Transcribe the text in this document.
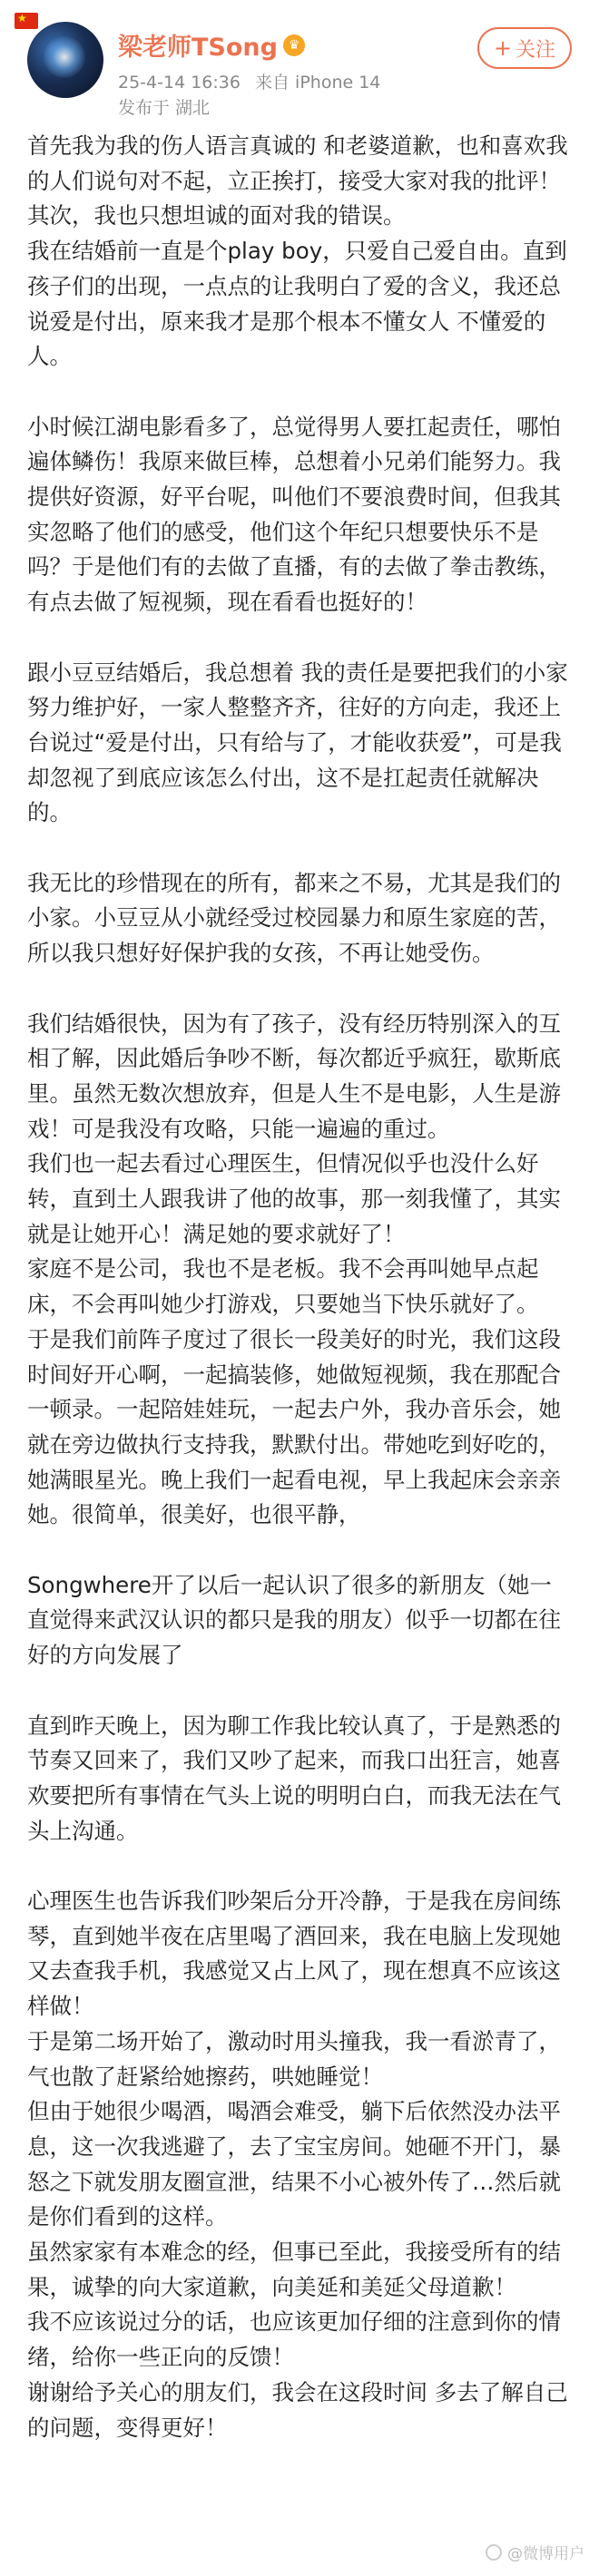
★
梁老师TSong ♛
25-4-14 16:36 来自 iPhone 14
发布于 湖北
+ 关注

首先我为我的伤人语言真诚的 和老婆道歉，也和喜欢我的人们说句对不起，立正挨打，接受大家对我的批评！

其次，我也只想坦诚的面对我的错误。

我在结婚前一直是个play boy，只爱自己爱自由。直到孩子们的出现，一点点的让我明白了爱的含义，我还总说爱是付出，原来我才是那个根本不懂女人 不懂爱的人。

小时候江湖电影看多了，总觉得男人要扛起责任，哪怕遍体鳞伤！我原来做巨棒，总想着小兄弟们能努力。我提供好资源，好平台呢，叫他们不要浪费时间，但我其实忽略了他们的感受，他们这个年纪只想要快乐不是吗？于是他们有的去做了直播，有的去做了拳击教练，有点去做了短视频，现在看看也挺好的！

跟小豆豆结婚后，我总想着 我的责任是要把我们的小家努力维护好，一家人整整齐齐，往好的方向走，我还上台说过“爱是付出，只有给与了，才能收获爱”，可是我却忽视了到底应该怎么付出，这不是扛起责任就解决的。

我无比的珍惜现在的所有，都来之不易，尤其是我们的小家。小豆豆从小就经受过校园暴力和原生家庭的苦，所以我只想好好保护我的女孩，不再让她受伤。

我们结婚很快，因为有了孩子，没有经历特别深入的互相了解，因此婚后争吵不断，每次都近乎疯狂，歇斯底里。虽然无数次想放弃，但是人生不是电影，人生是游戏！可是我没有攻略，只能一遍遍的重过。

我们也一起去看过心理医生，但情况似乎也没什么好转，直到土人跟我讲了他的故事，那一刻我懂了，其实就是让她开心！满足她的要求就好了！

家庭不是公司，我也不是老板。我不会再叫她早点起床，不会再叫她少打游戏，只要她当下快乐就好了。

于是我们前阵子度过了很长一段美好的时光，我们这段时间好开心啊，一起搞装修，她做短视频，我在那配合一顿录。一起陪娃娃玩，一起去户外，我办音乐会，她就在旁边做执行支持我，默默付出。带她吃到好吃的，她满眼星光。晚上我们一起看电视，早上我起床会亲亲她。很简单，很美好，也很平静，

Songwhere开了以后一起认识了很多的新朋友（她一直觉得来武汉认识的都只是我的朋友）似乎一切都在往好的方向发展了

直到昨天晚上，因为聊工作我比较认真了，于是熟悉的节奏又回来了，我们又吵了起来，而我口出狂言，她喜欢要把所有事情在气头上说的明明白白，而我无法在气头上沟通。

心理医生也告诉我们吵架后分开冷静，于是我在房间练琴，直到她半夜在店里喝了酒回来，我在电脑上发现她又去查我手机，我感觉又占上风了，现在想真不应该这样做！

于是第二场开始了，激动时用头撞我，我一看淤青了，气也散了赶紧给她擦药，哄她睡觉！

但由于她很少喝酒，喝酒会难受，躺下后依然没办法平息，这一次我逃避了，去了宝宝房间。她砸不开门，暴怒之下就发朋友圈宣泄，结果不小心被外传了…然后就是你们看到的这样。

虽然家家有本难念的经，但事已至此，我接受所有的结果，诚挚的向大家道歉，向美延和美延父母道歉！

我不应该说过分的话，也应该更加仔细的注意到你的情绪，给你一些正向的反馈！

谢谢给予关心的朋友们，我会在这段时间 多去了解自己的问题，变得更好！

@微博用户
